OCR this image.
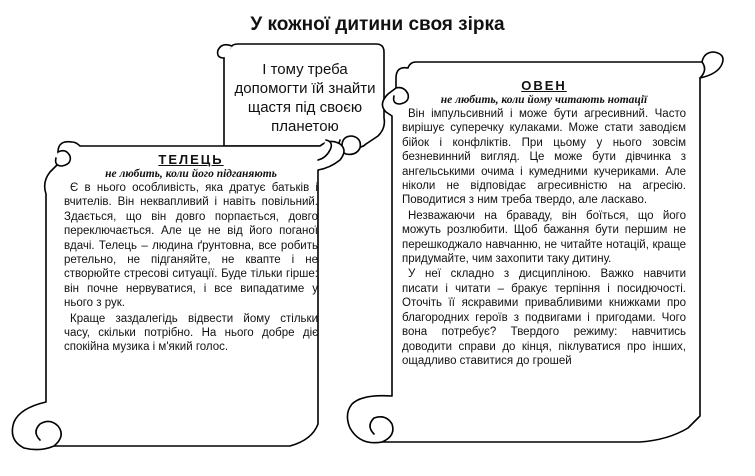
У кожної дитини своя зірка
І тому треба допомогти їй знайти щастя під своєю планетою
ТЕЛЕЦЬ
не любить, коли його підганяють

Є в нього особливість, яка дратує батьків і вчителів. Він неквапливий і навіть повільний. Здається, що він довго порпається, довго переключається. Але це не від його поганої вдачі. Телець – людина ґрунтовна, все робить ретельно, не підганяйте, не квапте і не створюйте стресові ситуації. Буде тільки гірше: він почне нервуватися, і все випадатиме у нього з рук.

Краще заздалегідь відвести йому стільки часу, скільки потрібно. На нього добре діє спокійна музика і м'який голос.

ОВЕН
не любить, коли йому читають нотації

Він імпульсивний і може бути агресивний. Часто вирішує суперечку кулаками. Може стати заводієм бійок і конфліктів. При цьому у нього зовсім безневинний вигляд. Це може бути дівчинка з ангельськими очима і кумедними кучериками. Але ніколи не відповідає агресивністю на агресію. Поводитися з ним треба твердо, але ласкаво.

Незважаючи на браваду, він боїться, що його можуть розлюбити. Щоб бажання бути першим не перешкоджало навчанню, не читайте нотацій, краще придумайте, чим захопити таку дитину.

У неї складно з дисципліною. Важко навчити писати і читати – бракує терпіння і посидючості. Оточіть її яскравими привабливими книжками про благородних героїв з подвигами і пригодами. Чого вона потребує? Твердого режиму: навчитись доводити справи до кінця, піклуватися про інших, ощадливо ставитися до грошей
